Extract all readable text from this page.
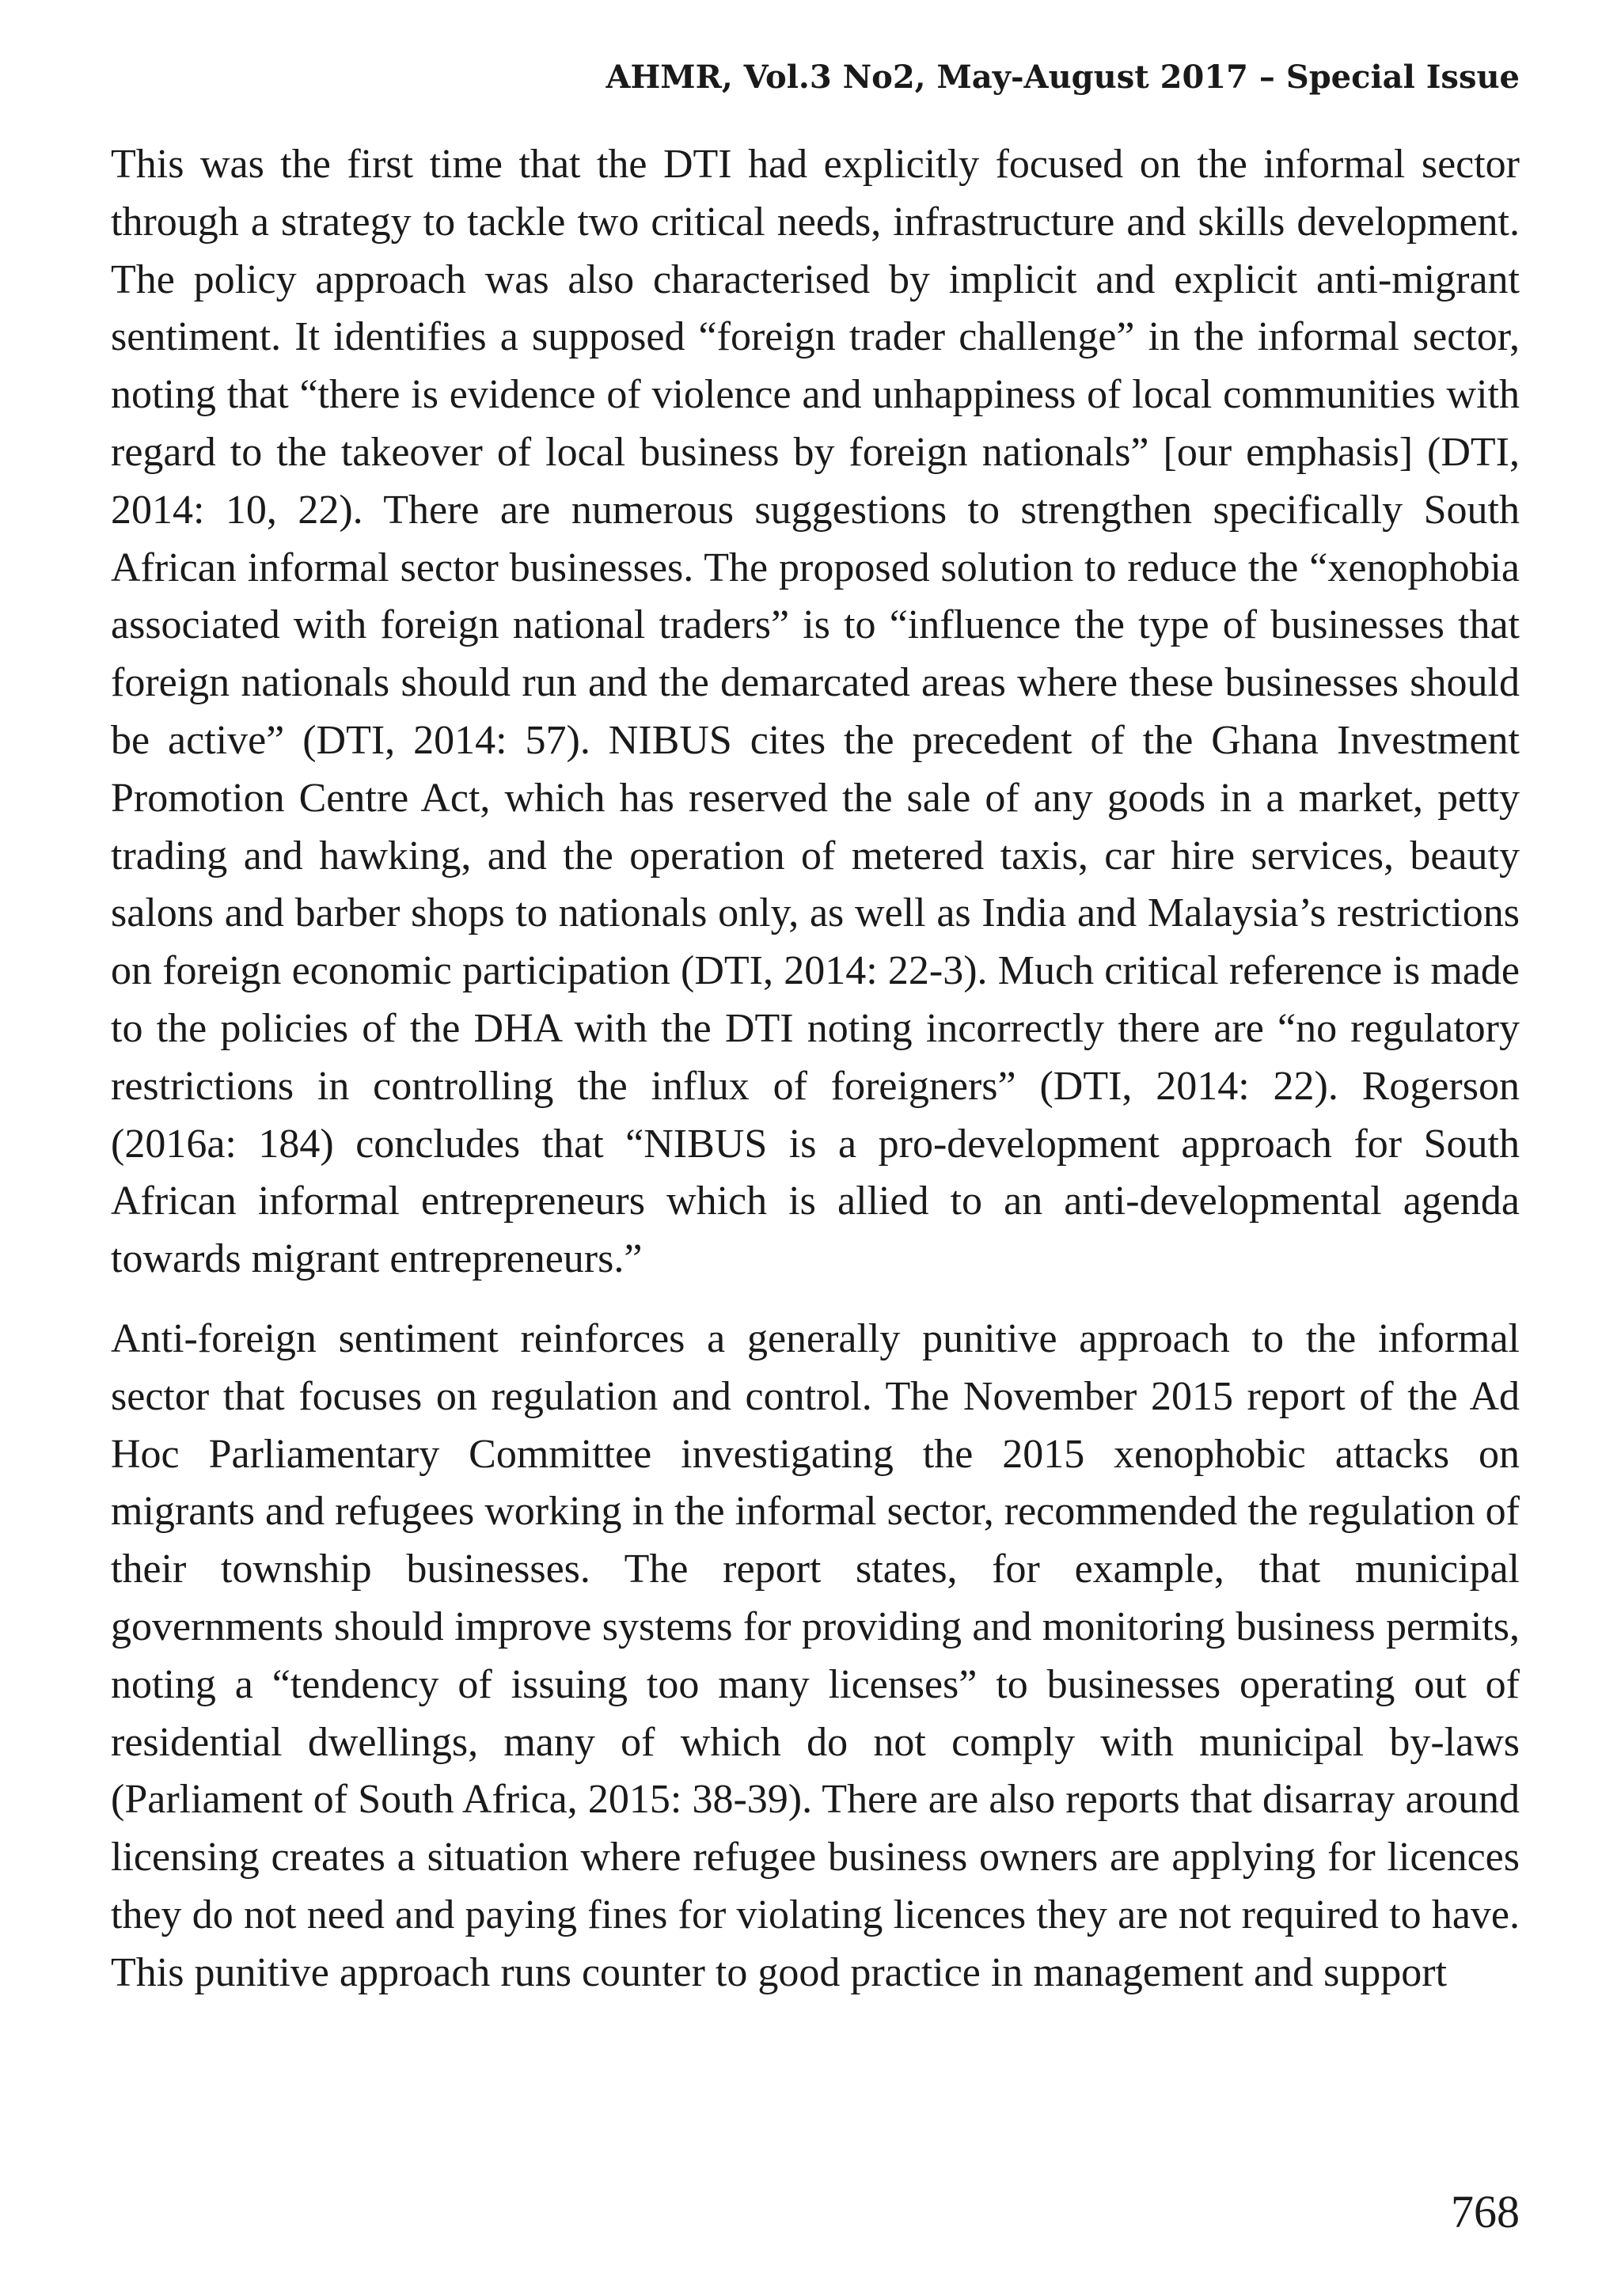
AHMR, Vol.3 No2, May-August 2017 – Special Issue

This was the first time that the DTI had explicitly focused on the informal sector through a strategy to tackle two critical needs, infrastructure and skills development. The policy approach was also characterised by implicit and explicit anti-migrant sentiment. It identifies a supposed “foreign trader challenge” in the informal sector, noting that “there is evidence of violence and unhappiness of local communities with regard to the takeover of local business by foreign nationals” [our emphasis] (DTI, 2014: 10, 22). There are numerous suggestions to strengthen specifically South African informal sector businesses. The proposed solution to reduce the “xenophobia associated with foreign national traders” is to “influence the type of businesses that foreign nationals should run and the demarcated areas where these businesses should be active” (DTI, 2014: 57). NIBUS cites the precedent of the Ghana Investment Promotion Centre Act, which has reserved the sale of any goods in a market, petty trading and hawking, and the operation of metered taxis, car hire services, beauty salons and barber shops to nationals only, as well as India and Malaysia’s restrictions on foreign economic participation (DTI, 2014: 22-3). Much critical reference is made to the policies of the DHA with the DTI noting incorrectly there are “no regulatory restrictions in controlling the influx of foreigners” (DTI, 2014: 22). Rogerson (2016a: 184) concludes that “NIBUS is a pro-development approach for South African informal entrepreneurs which is allied to an anti-developmental agenda towards migrant entrepreneurs.”

Anti-foreign sentiment reinforces a generally punitive approach to the informal sector that focuses on regulation and control. The November 2015 report of the Ad Hoc Parliamentary Committee investigating the 2015 xenophobic attacks on migrants and refugees working in the informal sector, recommended the regulation of their township businesses. The report states, for example, that municipal governments should improve systems for providing and monitoring business permits, noting a “tendency of issuing too many licenses” to businesses operating out of residential dwellings, many of which do not comply with municipal by-laws (Parliament of South Africa, 2015: 38-39). There are also reports that disarray around licensing creates a situation where refugee business owners are applying for licences they do not need and paying fines for violating licences they are not required to have. This punitive approach runs counter to good practice in management and support

768
